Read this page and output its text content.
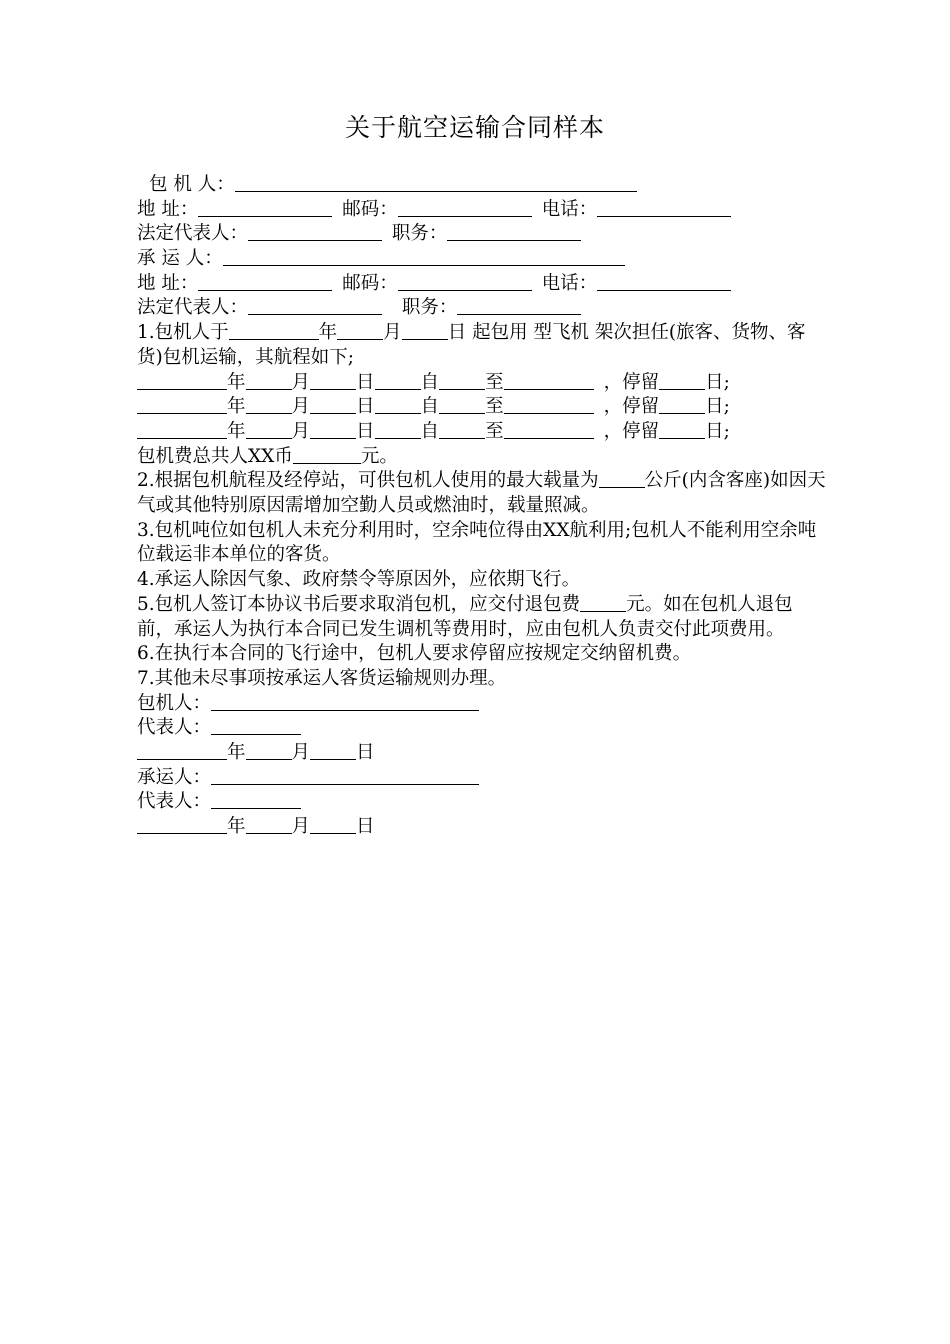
关于航空运输合同样本
包 机 人：
地 址：	邮码：	电话：
法定代表人：	职务：
承 运 人：
地 址：	邮码：	电话：
法定代表人：	职务：
1.包机人于	年 月 日 起包用 型飞机 架次担任(旅客、货物、客货)包机运输，其航程如下;
年 月 日 自 至	，停留 日;
年 月 日 自 至	，停留 日;
年 月 日 自 至	，停留 日;
包机费总共人XX币	元。
2.根据包机航程及经停站，可供包机人使用的最大载量为 公斤(内含客座)如因天气或其他特别原因需增加空勤人员或燃油时，载量照减。
3.包机吨位如包机人未充分利用时，空余吨位得由XX航利用;包机人不能利用空余吨位载运非本单位的客货。
4.承运人除因气象、政府禁令等原因外，应依期飞行。
5.包机人签订本协议书后要求取消包机，应交付退包费 元。如在包机人退包前，承运人为执行本合同已发生调机等费用时，应由包机人负责交付此项费用。
6.在执行本合同的飞行途中，包机人要求停留应按规定交纳留机费。
7.其他未尽事项按承运人客货运输规则办理。
包机人：
代表人：
年 月 日
承运人：
代表人：
年 月 日
